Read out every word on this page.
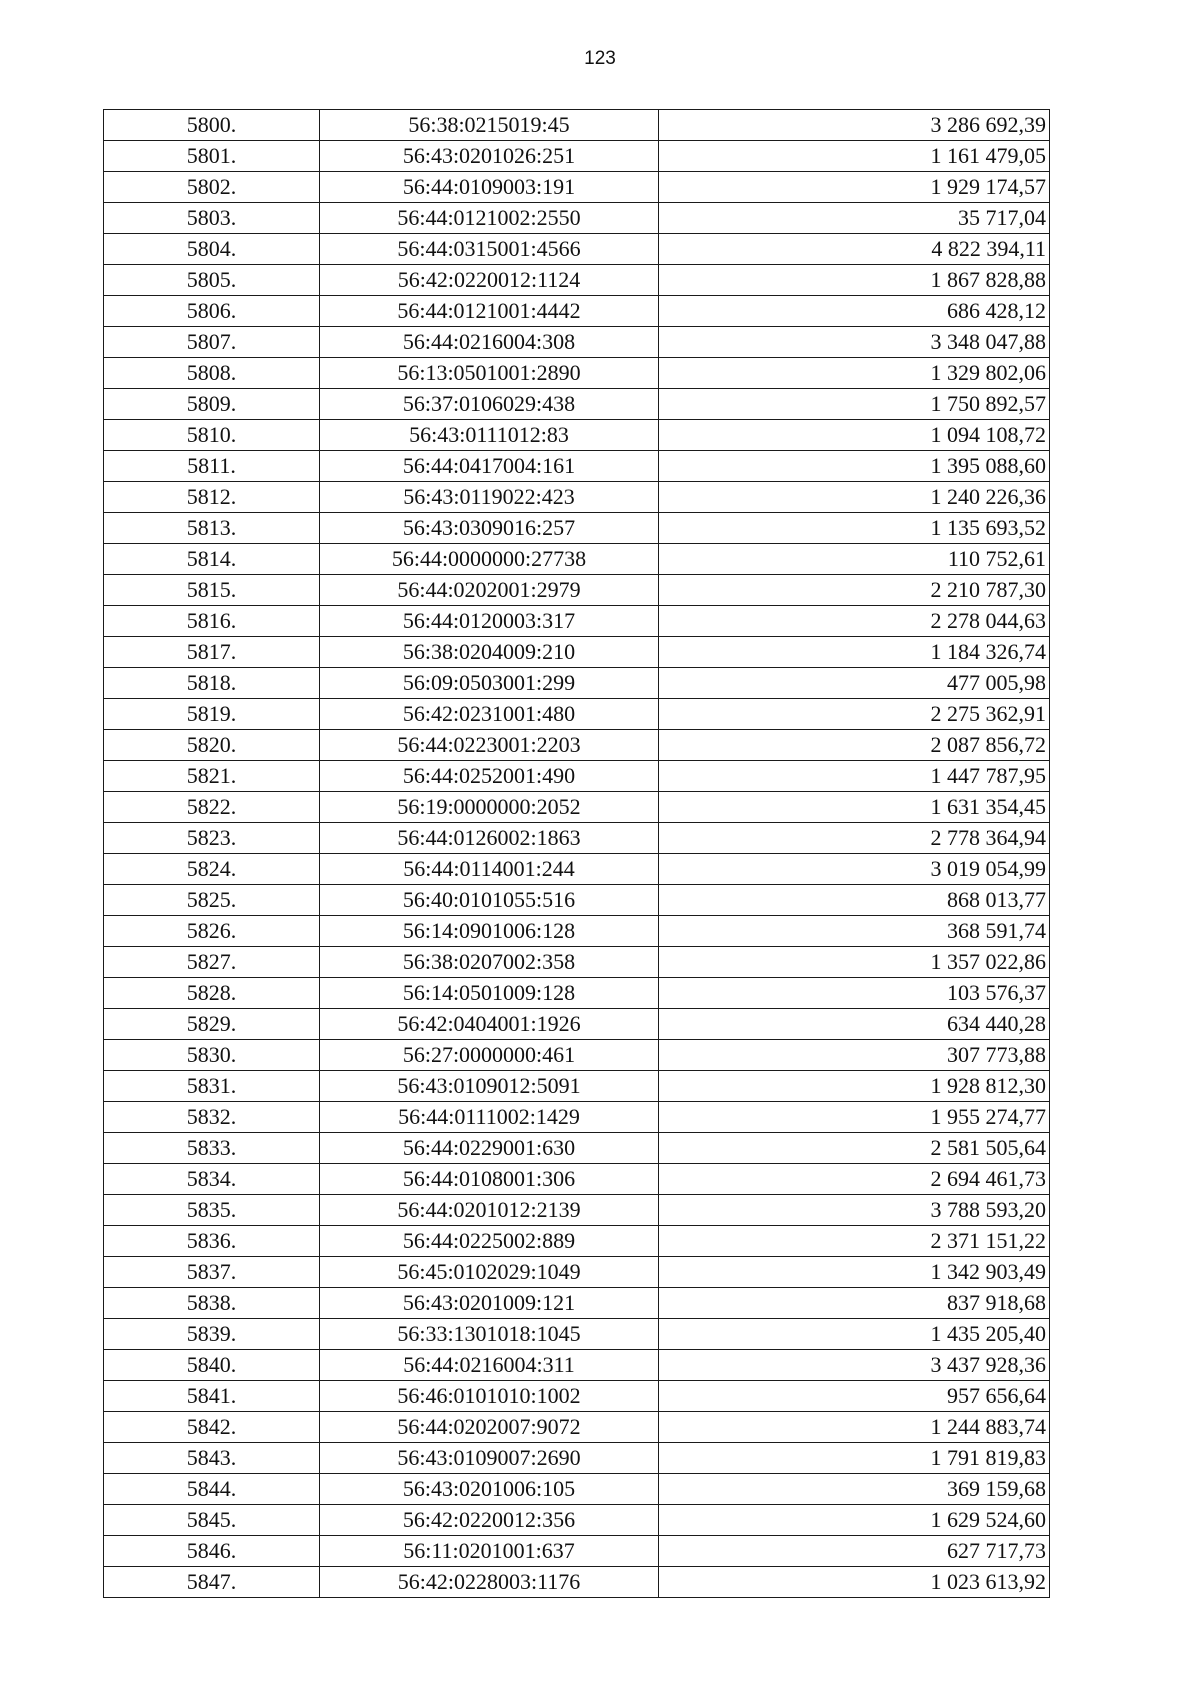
123
5800.	56:38:0215019:45	3 286 692,39
5801.	56:43:0201026:251	1 161 479,05
5802.	56:44:0109003:191	1 929 174,57
5803.	56:44:0121002:2550	35 717,04
5804.	56:44:0315001:4566	4 822 394,11
5805.	56:42:0220012:1124	1 867 828,88
5806.	56:44:0121001:4442	686 428,12
5807.	56:44:0216004:308	3 348 047,88
5808.	56:13:0501001:2890	1 329 802,06
5809.	56:37:0106029:438	1 750 892,57
5810.	56:43:0111012:83	1 094 108,72
5811.	56:44:0417004:161	1 395 088,60
5812.	56:43:0119022:423	1 240 226,36
5813.	56:43:0309016:257	1 135 693,52
5814.	56:44:0000000:27738	110 752,61
5815.	56:44:0202001:2979	2 210 787,30
5816.	56:44:0120003:317	2 278 044,63
5817.	56:38:0204009:210	1 184 326,74
5818.	56:09:0503001:299	477 005,98
5819.	56:42:0231001:480	2 275 362,91
5820.	56:44:0223001:2203	2 087 856,72
5821.	56:44:0252001:490	1 447 787,95
5822.	56:19:0000000:2052	1 631 354,45
5823.	56:44:0126002:1863	2 778 364,94
5824.	56:44:0114001:244	3 019 054,99
5825.	56:40:0101055:516	868 013,77
5826.	56:14:0901006:128	368 591,74
5827.	56:38:0207002:358	1 357 022,86
5828.	56:14:0501009:128	103 576,37
5829.	56:42:0404001:1926	634 440,28
5830.	56:27:0000000:461	307 773,88
5831.	56:43:0109012:5091	1 928 812,30
5832.	56:44:0111002:1429	1 955 274,77
5833.	56:44:0229001:630	2 581 505,64
5834.	56:44:0108001:306	2 694 461,73
5835.	56:44:0201012:2139	3 788 593,20
5836.	56:44:0225002:889	2 371 151,22
5837.	56:45:0102029:1049	1 342 903,49
5838.	56:43:0201009:121	837 918,68
5839.	56:33:1301018:1045	1 435 205,40
5840.	56:44:0216004:311	3 437 928,36
5841.	56:46:0101010:1002	957 656,64
5842.	56:44:0202007:9072	1 244 883,74
5843.	56:43:0109007:2690	1 791 819,83
5844.	56:43:0201006:105	369 159,68
5845.	56:42:0220012:356	1 629 524,60
5846.	56:11:0201001:637	627 717,73
5847.	56:42:0228003:1176	1 023 613,92
